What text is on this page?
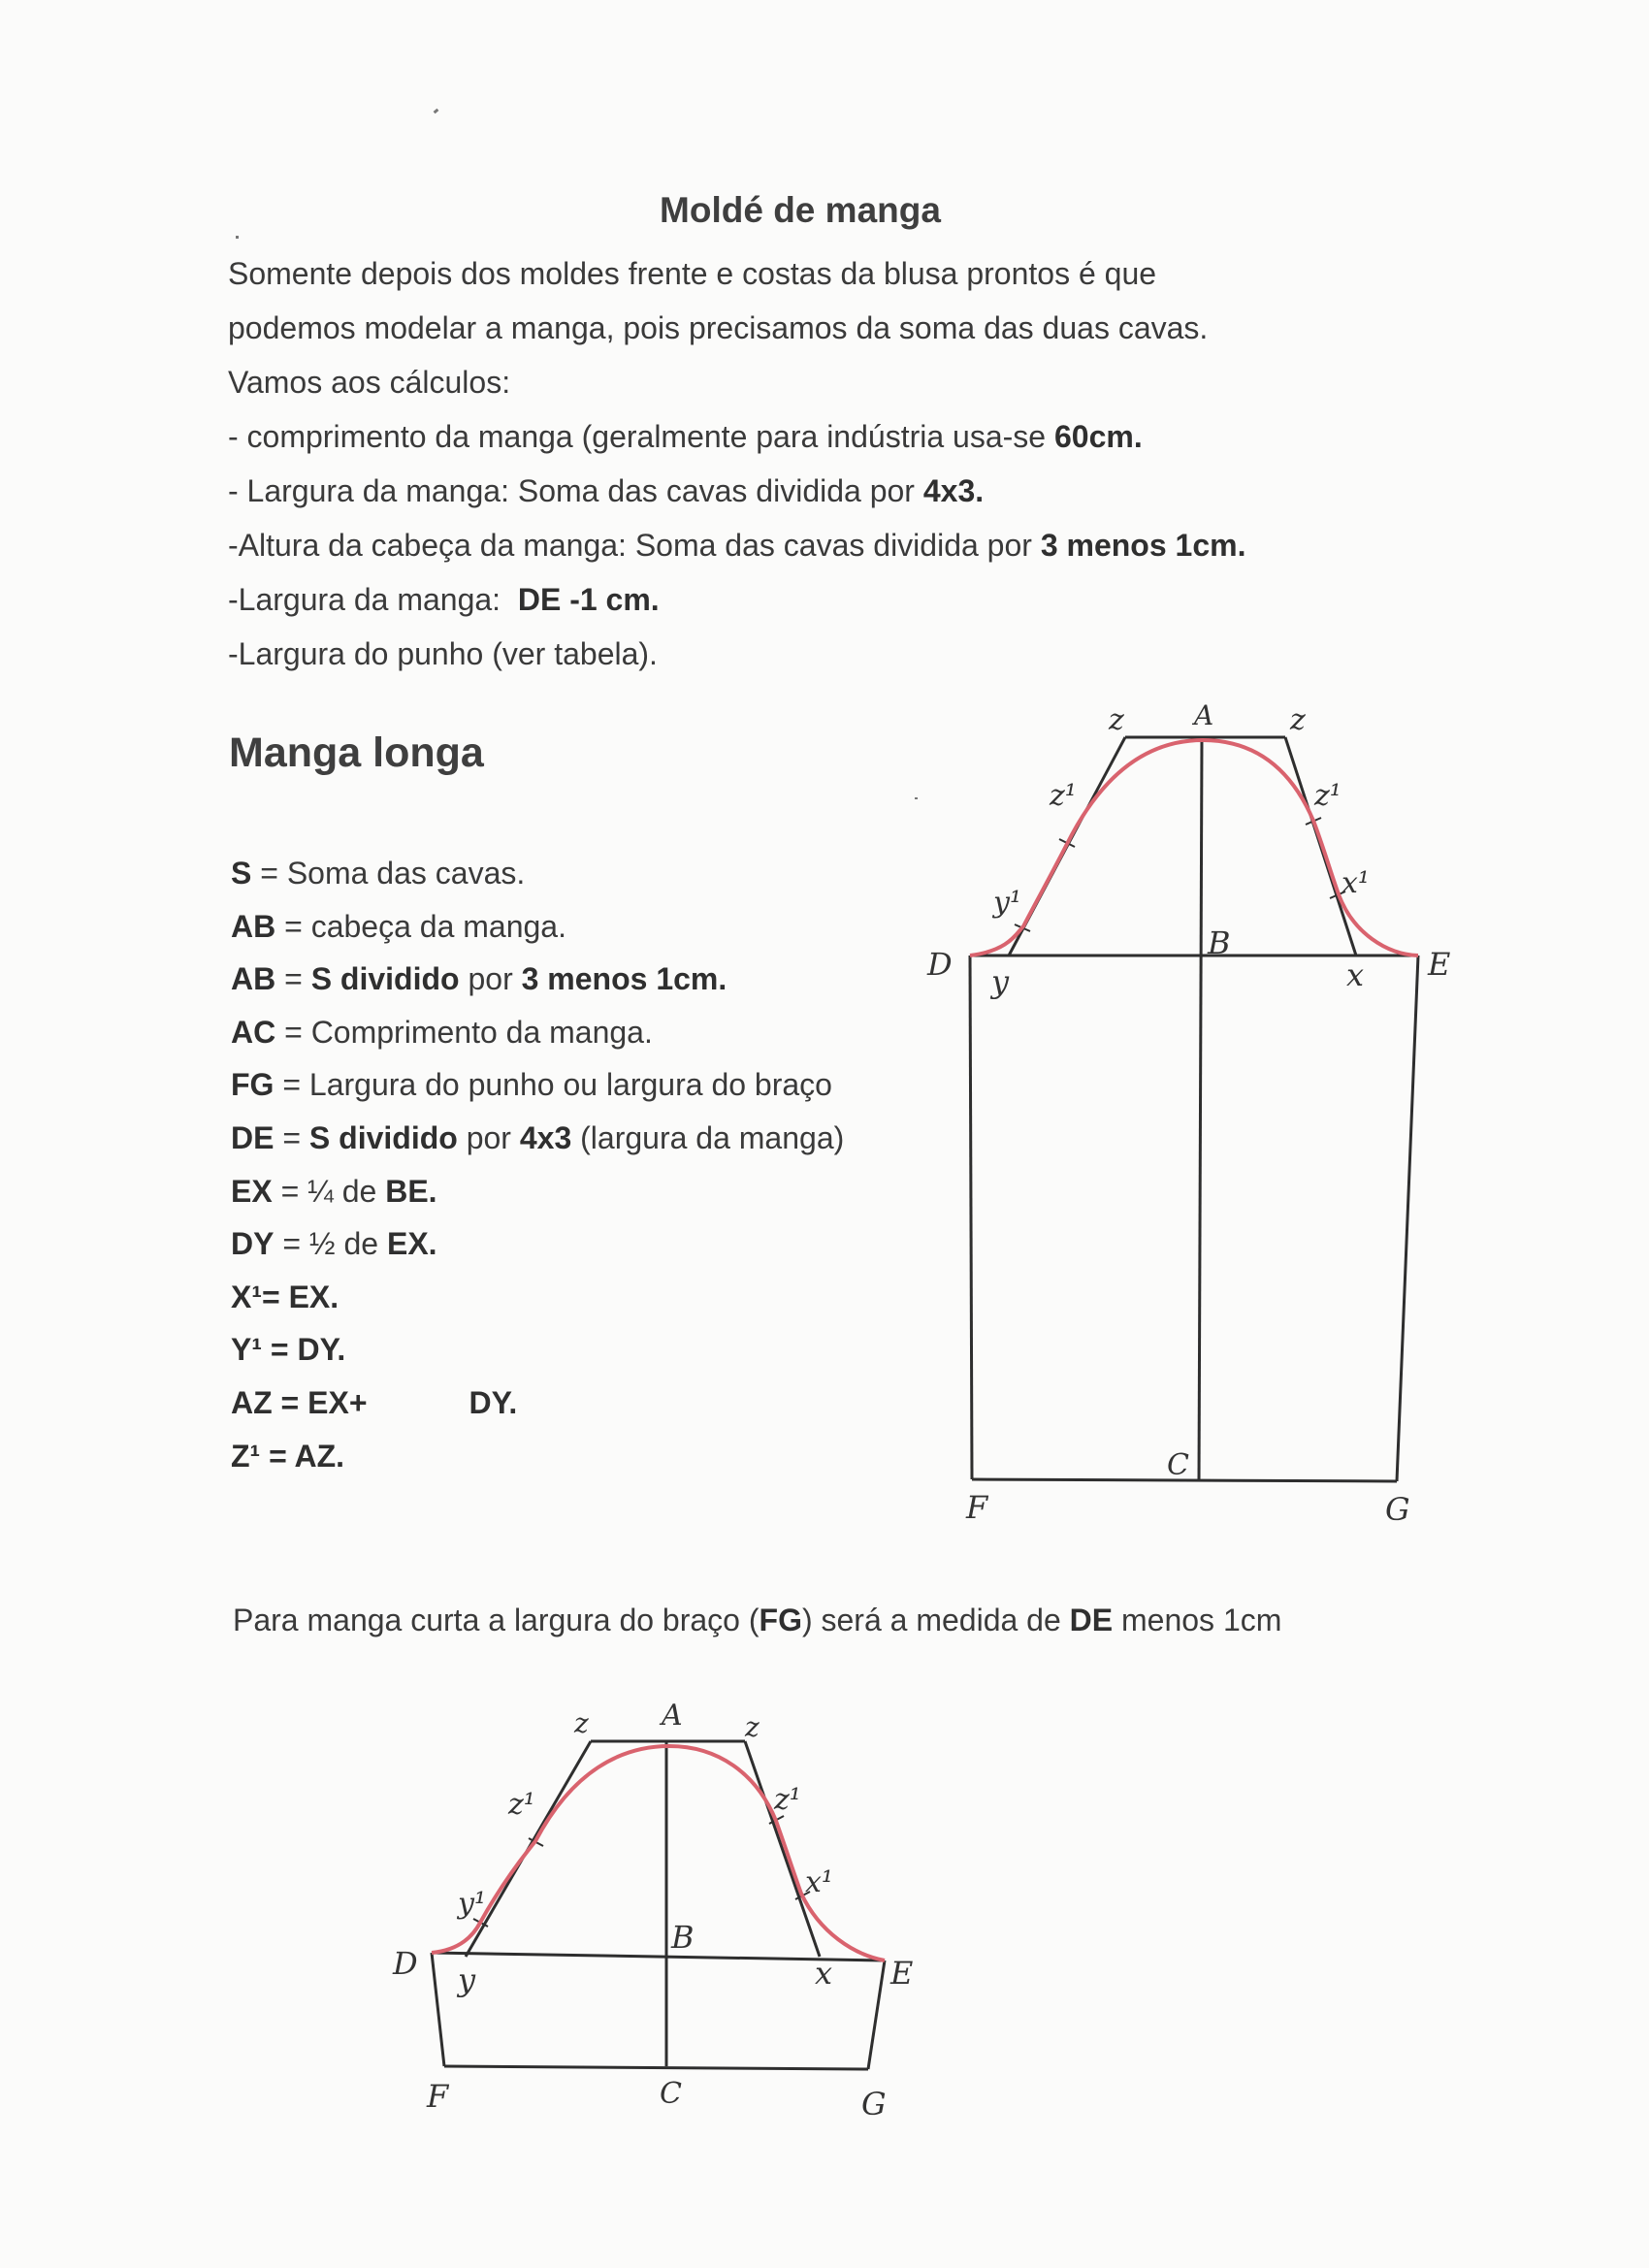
Moldé de manga
Somente depois dos moldes frente e costas da blusa prontos é que
podemos modelar a manga, pois precisamos da soma das duas cavas.
Vamos aos cálculos:
- comprimento da manga (geralmente para indústria usa-se 60cm.
- Largura da manga: Soma das cavas dividida por 4x3.
-Altura da cabeça da manga: Soma das cavas dividida por 3 menos 1cm.
-Largura da manga:  DE -1 cm.
-Largura do punho (ver tabela).
Manga longa
S = Soma das cavas.
AB = cabeça da manga.
AB = S dividido por 3 menos 1cm.
AC = Comprimento da manga.
FG = Largura do punho ou largura do braço
DE = S dividido por 4x3 (largura da manga)
EX = ¼ de BE.
DY = ½ de EX.
X¹= EX.
Y¹ = DY.
AZ = EX+	DY.
Z¹ = AZ.
Para manga curta a largura do braço (FG) será a medida de DE menos 1cm
A
z	z
z¹	z¹
y¹
x¹
D
B
x E
y
C
F	G
A
z	z
z¹	z¹
y¹
x¹
D
B
x E
y
C
F	G
